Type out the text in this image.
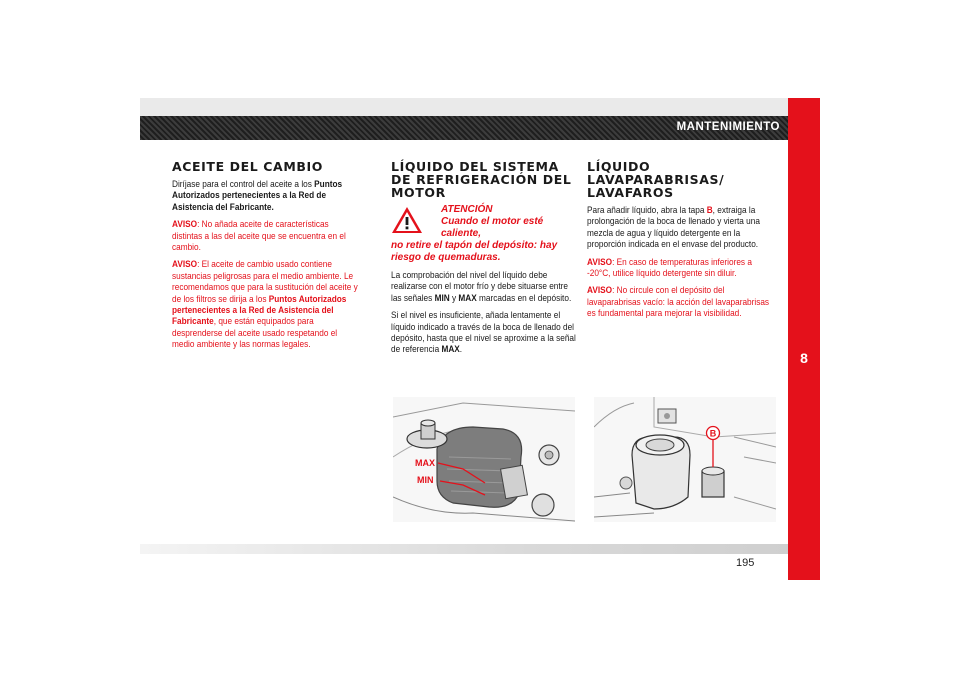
MANTENIMIENTO
8
ACEITE DEL CAMBIO

Diríjase para el control del aceite a los Puntos Autorizados pertenecientes a la Red de Asistencia del Fabricante.

AVISO: No añada aceite de características distintas a las del aceite que se encuentra en el cambio.

AVISO: El aceite de cambio usado contiene sustancias peligrosas para el medio ambiente. Le recomendamos que para la sustitución del aceite y de los filtros se dirija a los Puntos Autorizados pertenecientes a la Red de Asistencia del Fabricante, que están equipados para desprenderse del aceite usado respetando el medio ambiente y las normas legales.

LÍQUIDO DEL SISTEMA DE REFRIGERACIÓN DEL MOTOR
ATENCIÓN
Cuando el motor esté caliente,
no retire el tapón del depósito: hay riesgo de quemaduras.

La comprobación del nivel del líquido debe realizarse con el motor frío y debe situarse entre las señales MIN y MAX marcadas en el depósito.

Si el nivel es insuficiente, añada lentamente el líquido indicado a través de la boca de llenado del depósito, hasta que el nivel se aproxime a la señal de referencia MAX.

LÍQUIDO LAVAPARABRISAS/ LAVAFAROS

Para añadir líquido, abra la tapa B, extraiga la prolongación de la boca de llenado y vierta una mezcla de agua y líquido detergente en la proporción indicada en el envase del producto.

AVISO: En caso de temperaturas inferiores a -20°C, utilice líquido detergente sin diluir.

AVISO: No circule con el depósito del lavaparabrisas vacío: la acción del lavaparabrisas es fundamental para mejorar la visibilidad.

MAX
MIN
B
195
